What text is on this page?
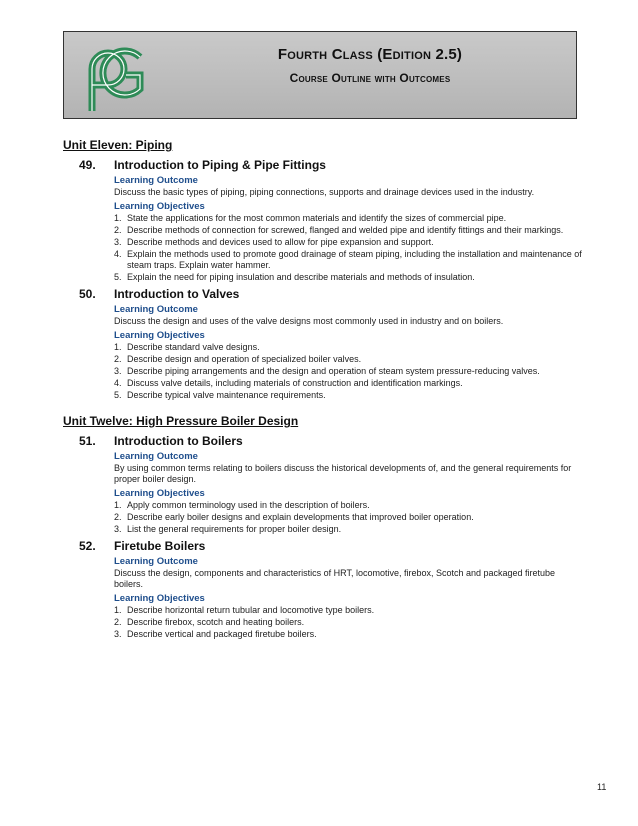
Fourth Class (Edition 2.5)
Course Outline with Outcomes
Unit Eleven: Piping
49.	Introduction to Piping & Pipe Fittings
Learning Outcome
Discuss the basic types of piping, piping connections, supports and drainage devices used in the industry.
Learning Objectives
1. State the applications for the most common materials and identify the sizes of commercial pipe.
2. Describe methods of connection for screwed, flanged and welded pipe and identify fittings and their markings.
3. Describe methods and devices used to allow for pipe expansion and support.
4. Explain the methods used to promote good drainage of steam piping, including the installation and maintenance of steam traps. Explain water hammer.
5. Explain the need for piping insulation and describe materials and methods of insulation.
50.	Introduction to Valves
Learning Outcome
Discuss the design and uses of the valve designs most commonly used in industry and on boilers.
Learning Objectives
1. Describe standard valve designs.
2. Describe design and operation of specialized boiler valves.
3. Describe piping arrangements and the design and operation of steam system pressure-reducing valves.
4. Discuss valve details, including materials of construction and identification markings.
5. Describe typical valve maintenance requirements.
Unit Twelve: High Pressure Boiler Design
51.	Introduction to Boilers
Learning Outcome
By using common terms relating to boilers discuss the historical developments of, and the general requirements for proper boiler design.
Learning Objectives
1. Apply common terminology used in the description of boilers.
2. Describe early boiler designs and explain developments that improved boiler operation.
3. List the general requirements for proper boiler design.
52.	Firetube Boilers
Learning Outcome
Discuss the design, components and characteristics of HRT, locomotive, firebox, Scotch and packaged firetube boilers.
Learning Objectives
1. Describe horizontal return tubular and locomotive type boilers.
2. Describe firebox, scotch and heating boilers.
3. Describe vertical and packaged firetube boilers.
11
